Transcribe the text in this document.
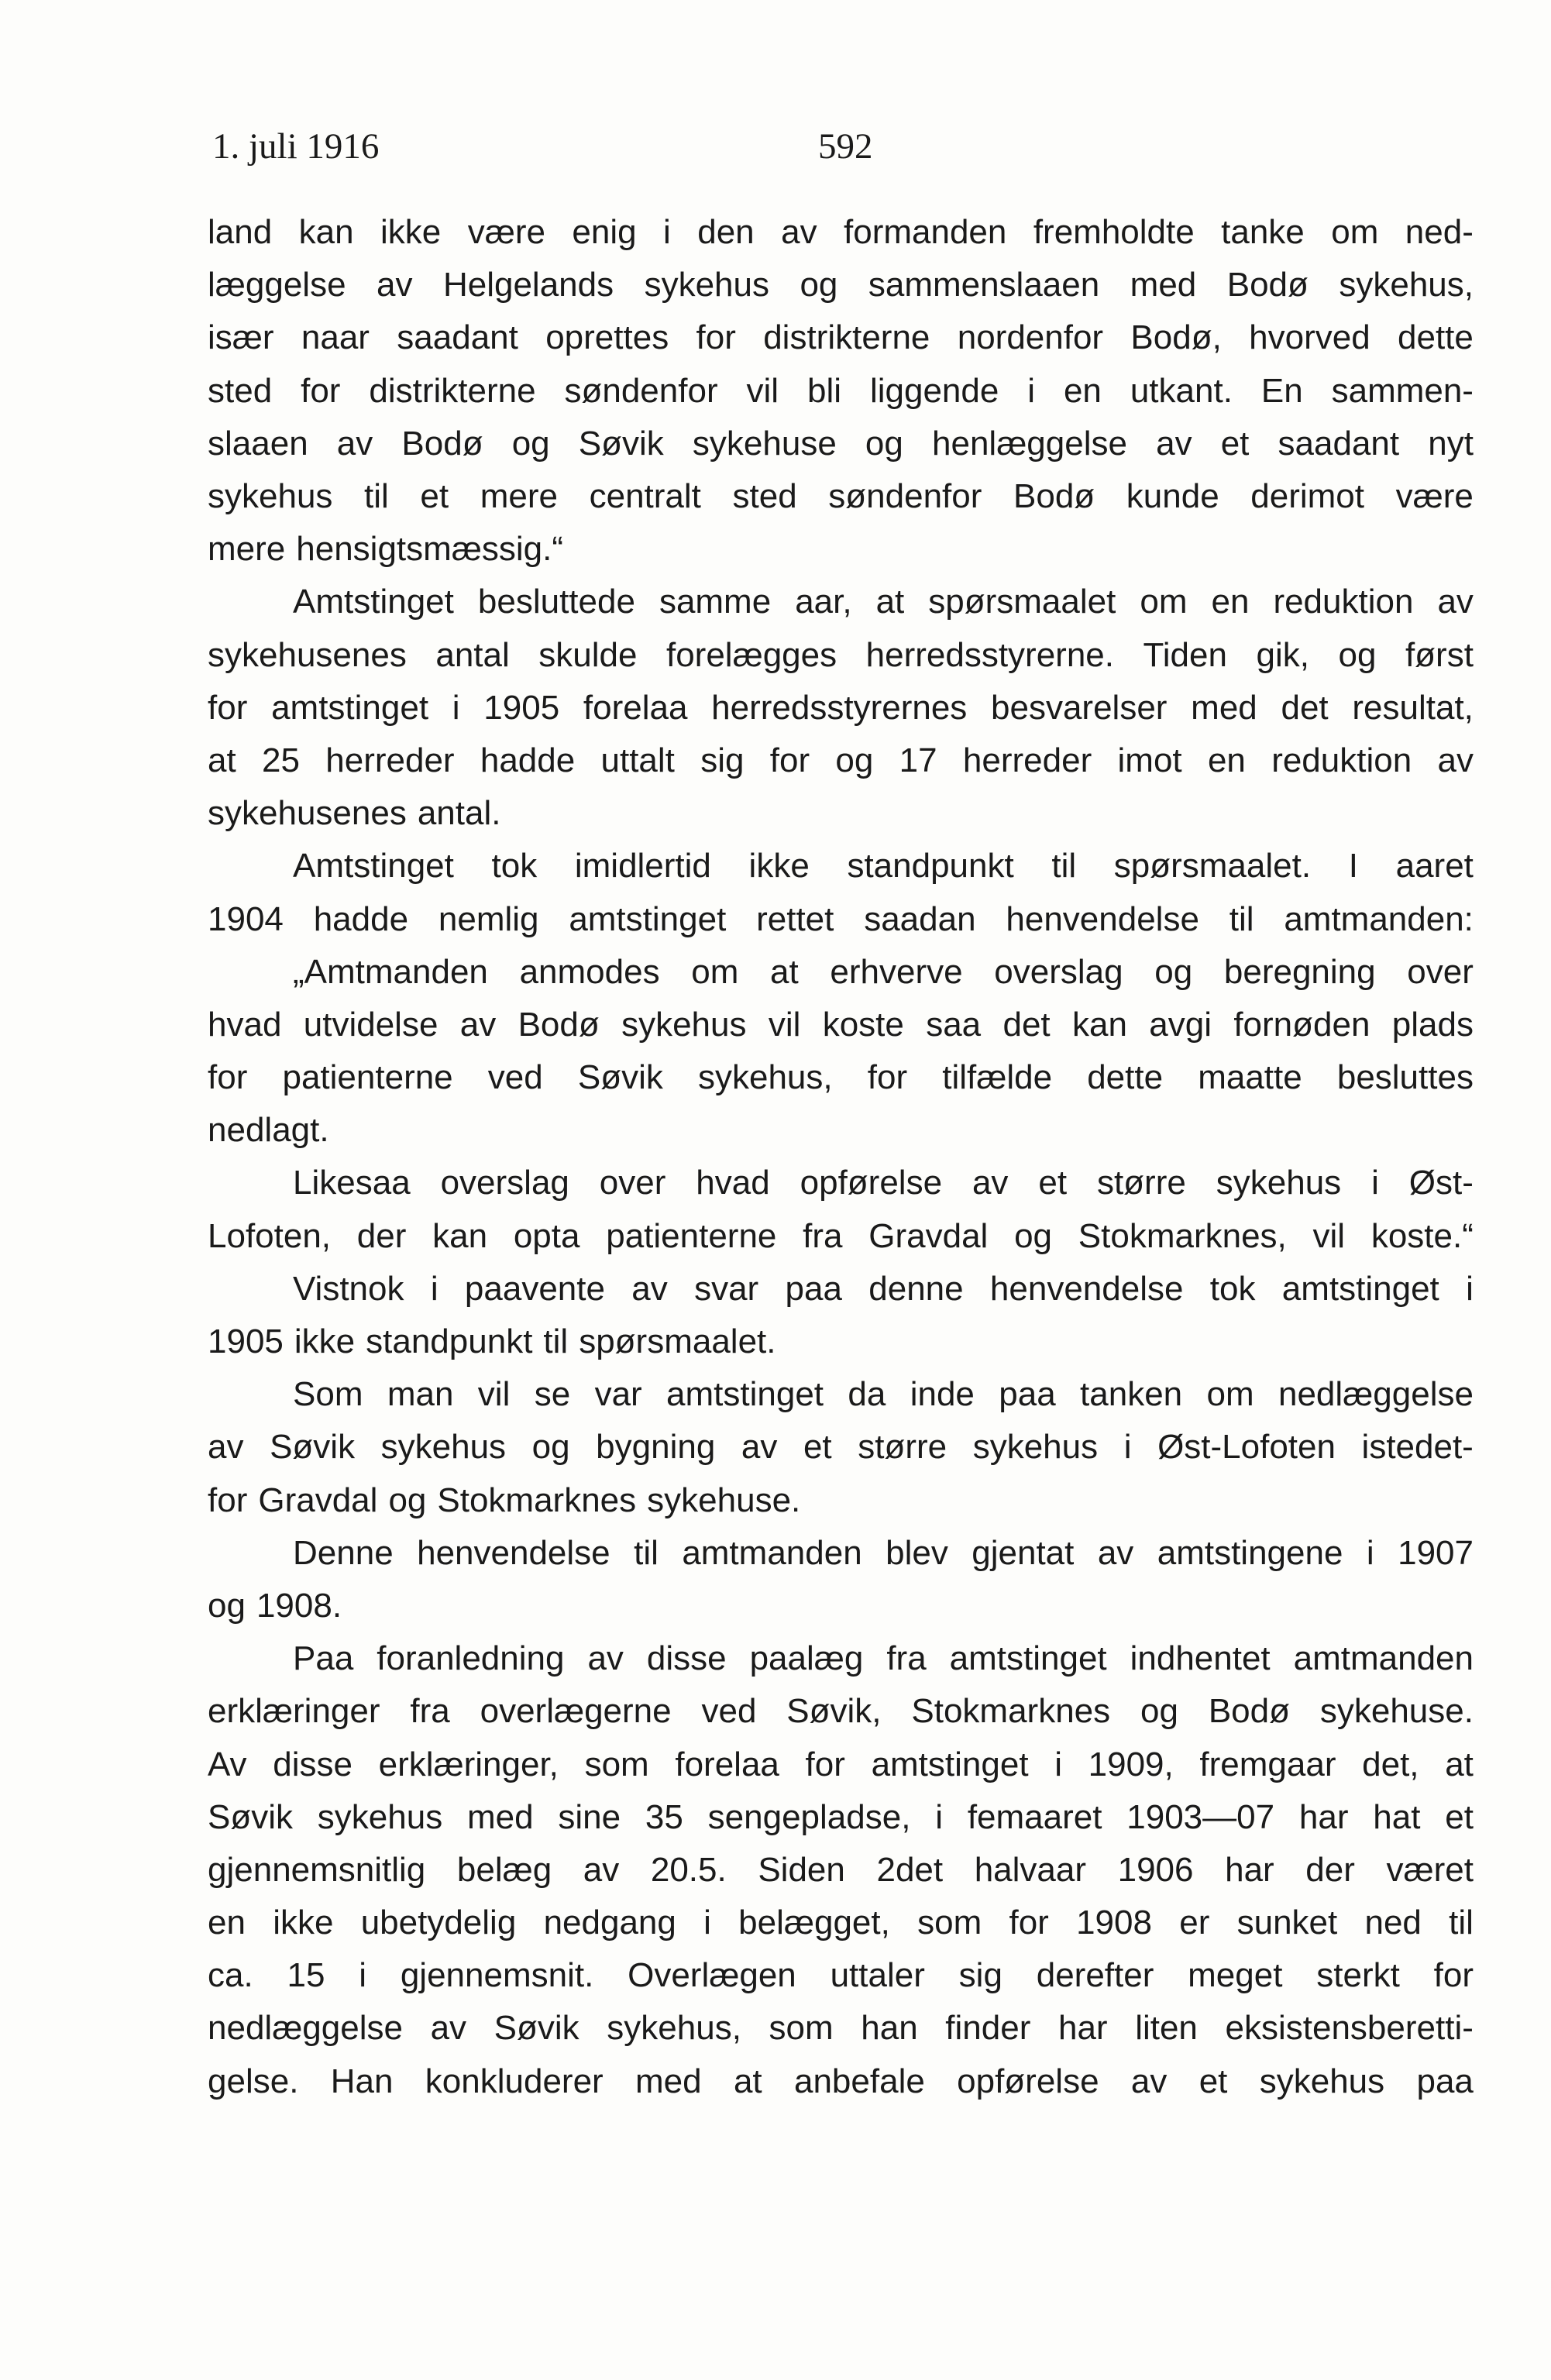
1. juli 1916	592
land kan ikke være enig i den av formanden fremholdte tanke om ned-
læggelse av Helgelands sykehus og sammenslaaen med Bodø sykehus,
især naar saadant oprettes for distrikterne nordenfor Bodø, hvorved dette
sted for distrikterne søndenfor vil bli liggende i en utkant. En sammen-
slaaen av Bodø og Søvik sykehuse og henlæggelse av et saadant nyt
sykehus til et mere centralt sted søndenfor Bodø kunde derimot være
mere hensigtsmæssig.“
Amtstinget besluttede samme aar, at spørsmaalet om en reduktion av
sykehusenes antal skulde forelægges herredsstyrerne. Tiden gik, og først
for amtstinget i 1905 forelaa herredsstyrernes besvarelser med det resultat,
at 25 herreder hadde uttalt sig for og 17 herreder imot en reduktion av
sykehusenes antal.
Amtstinget tok imidlertid ikke standpunkt til spørsmaalet. I aaret
1904 hadde nemlig amtstinget rettet saadan henvendelse til amtmanden:
„Amtmanden anmodes om at erhverve overslag og beregning over
hvad utvidelse av Bodø sykehus vil koste saa det kan avgi fornøden plads
for patienterne ved Søvik sykehus, for tilfælde dette maatte besluttes
nedlagt.
Likesaa overslag over hvad opførelse av et større sykehus i Øst-
Lofoten, der kan opta patienterne fra Gravdal og Stokmarknes, vil koste.“
Vistnok i paavente av svar paa denne henvendelse tok amtstinget i
1905 ikke standpunkt til spørsmaalet.
Som man vil se var amtstinget da inde paa tanken om nedlæggelse
av Søvik sykehus og bygning av et større sykehus i Øst-Lofoten istedet-
for Gravdal og Stokmarknes sykehuse.
Denne henvendelse til amtmanden blev gjentat av amtstingene i 1907
og 1908.
Paa foranledning av disse paalæg fra amtstinget indhentet amtmanden
erklæringer fra overlægerne ved Søvik, Stokmarknes og Bodø sykehuse.
Av disse erklæringer, som forelaa for amtstinget i 1909, fremgaar det, at
Søvik sykehus med sine 35 sengepladse, i femaaret 1903—07 har hat et
gjennemsnitlig belæg av 20.5. Siden 2det halvaar 1906 har der været
en ikke ubetydelig nedgang i belægget, som for 1908 er sunket ned til
ca. 15 i gjennemsnit. Overlægen uttaler sig derefter meget sterkt for
nedlæggelse av Søvik sykehus, som han finder har liten eksistensberetti-
gelse. Han konkluderer med at anbefale opførelse av et sykehus paa
